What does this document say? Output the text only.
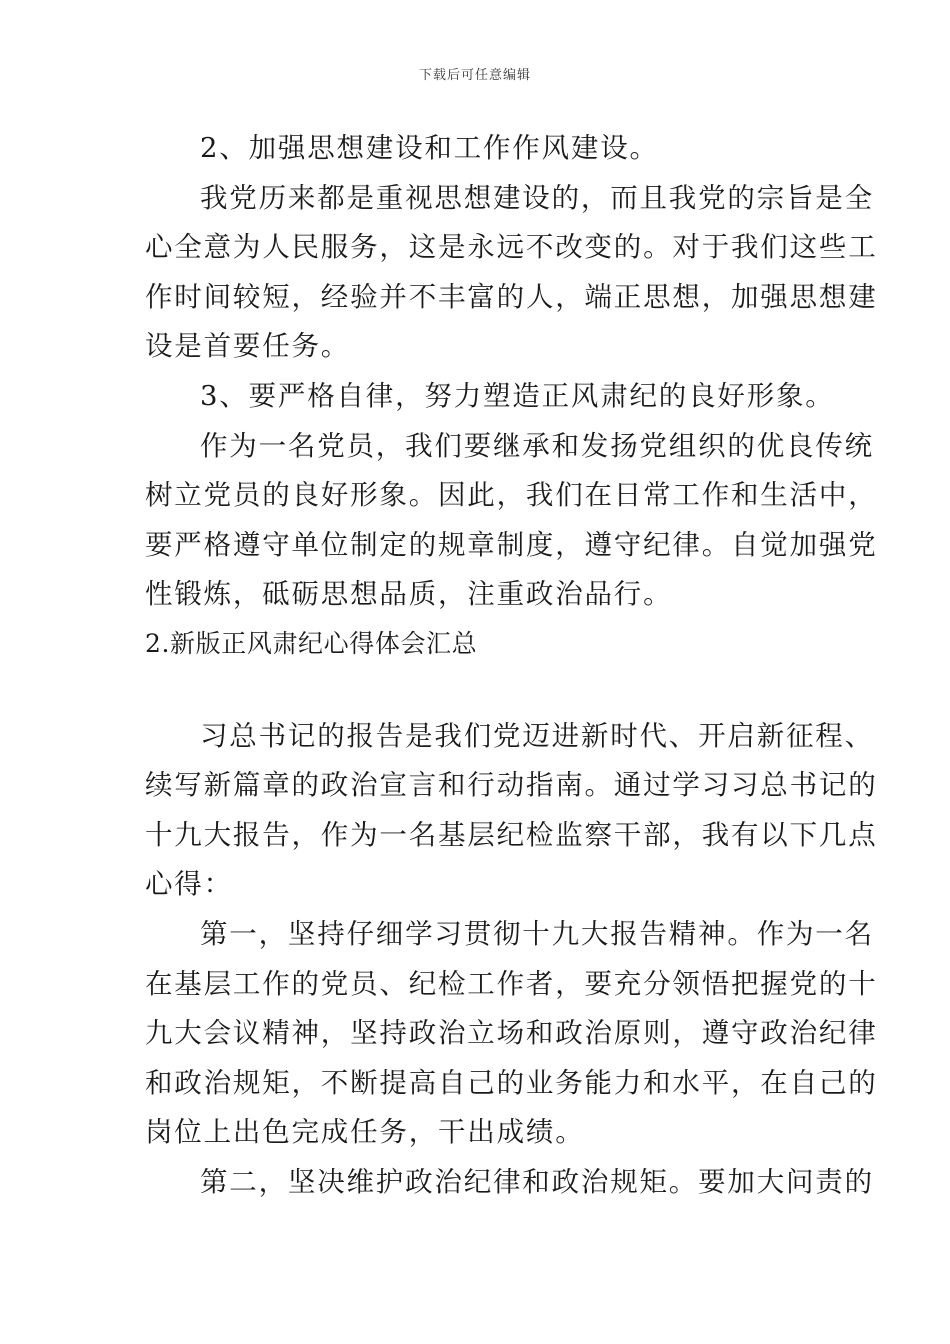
下载后可任意编辑
2、加强思想建设和工作作风建设。
我党历来都是重视思想建设的，而且我党的宗旨是全
心全意为人民服务，这是永远不改变的。对于我们这些工
作时间较短，经验并不丰富的人，端正思想，加强思想建
设是首要任务。
3、要严格自律，努力塑造正风肃纪的良好形象。
作为一名党员，我们要继承和发扬党组织的优良传统
树立党员的良好形象。因此，我们在日常工作和生活中，
要严格遵守单位制定的规章制度，遵守纪律。自觉加强党
性锻炼，砥砺思想品质，注重政治品行。
2.新版正风肃纪心得体会汇总
习总书记的报告是我们党迈进新时代、开启新征程、
续写新篇章的政治宣言和行动指南。通过学习习总书记的
十九大报告，作为一名基层纪检监察干部，我有以下几点
心得：
第一，坚持仔细学习贯彻十九大报告精神。作为一名
在基层工作的党员、纪检工作者，要充分领悟把握党的十
九大会议精神，坚持政治立场和政治原则，遵守政治纪律
和政治规矩，不断提高自己的业务能力和水平，在自己的
岗位上出色完成任务，干出成绩。
第二，坚决维护政治纪律和政治规矩。要加大问责的
